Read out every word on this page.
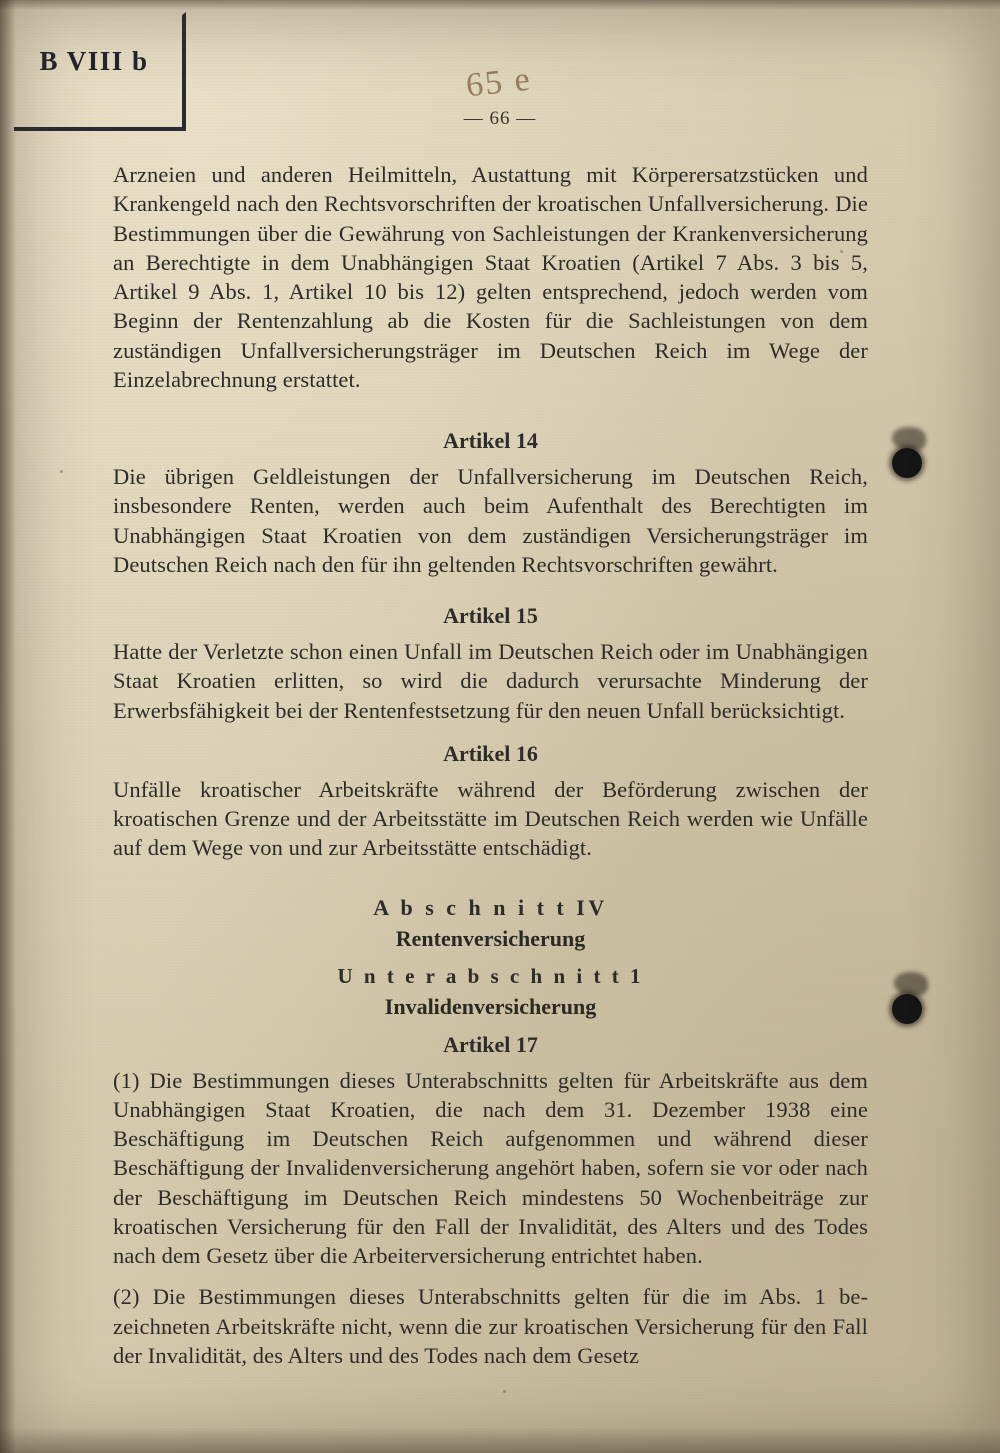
B VIII b
65 e
— 66 —

Arzneien und anderen Heilmitteln, Austattung mit Körperersatzstücken und Krankengeld nach den Rechtsvorschriften der kroatischen Unfallversicherung. Die Bestimmungen über die Gewährung von Sachleistungen der Krankenversicherung an Berechtigte in dem Unabhängigen Staat Kroatien (Artikel 7 Abs. 3 bis 5, Artikel 9 Abs. 1, Artikel 10 bis 12) gelten entsprechend, jedoch werden vom Beginn der Rentenzahlung ab die Kosten für die Sachleistungen von dem zuständigen Unfallversicherungsträger im Deutschen Reich im Wege der Einzelabrechnung erstattet.

Artikel 14

Die übrigen Geldleistungen der Unfallversicherung im Deutschen Reich, insbesondere Renten, werden auch beim Aufenthalt des Berechtigten im Unabhängigen Staat Kroatien von dem zuständigen Versicherungsträger im Deutschen Reich nach den für ihn geltenden Rechtsvorschriften gewährt.

Artikel 15

Hatte der Verletzte schon einen Unfall im Deutschen Reich oder im Unabhängigen Staat Kroatien erlitten, so wird die dadurch verursachte Minderung der Erwerbsfähigkeit bei der Rentenfestsetzung für den neuen Unfall berücksichtigt.

Artikel 16

Unfälle kroatischer Arbeitskräfte während der Beförderung zwischen der kroatischen Grenze und der Arbeitsstätte im Deutschen Reich werden wie Unfälle auf dem Wege von und zur Arbeitsstätte entschädigt.

A b s c h n i t t IV
Rentenversicherung
U n t e r a b s c h n i t t 1
Invalidenversicherung
Artikel 17

(1) Die Bestimmungen dieses Unterabschnitts gelten für Arbeitskräfte aus dem Unabhängigen Staat Kroatien, die nach dem 31. Dezember 1938 eine Beschäftigung im Deutschen Reich aufgenommen und während dieser Beschäftigung der Invalidenversicherung angehört haben, sofern sie vor oder nach der Beschäftigung im Deutschen Reich mindestens 50 Wochenbeiträge zur kroatischen Versicherung für den Fall der Invalidität, des Alters und des Todes nach dem Gesetz über die Arbeiterversicherung entrichtet haben.

(2) Die Bestimmungen dieses Unterabschnitts gelten für die im Abs. 1 bezeichneten Arbeitskräfte nicht, wenn die zur kroatischen Versicherung für den Fall der Invalidität, des Alters und des Todes nach dem Gesetz
